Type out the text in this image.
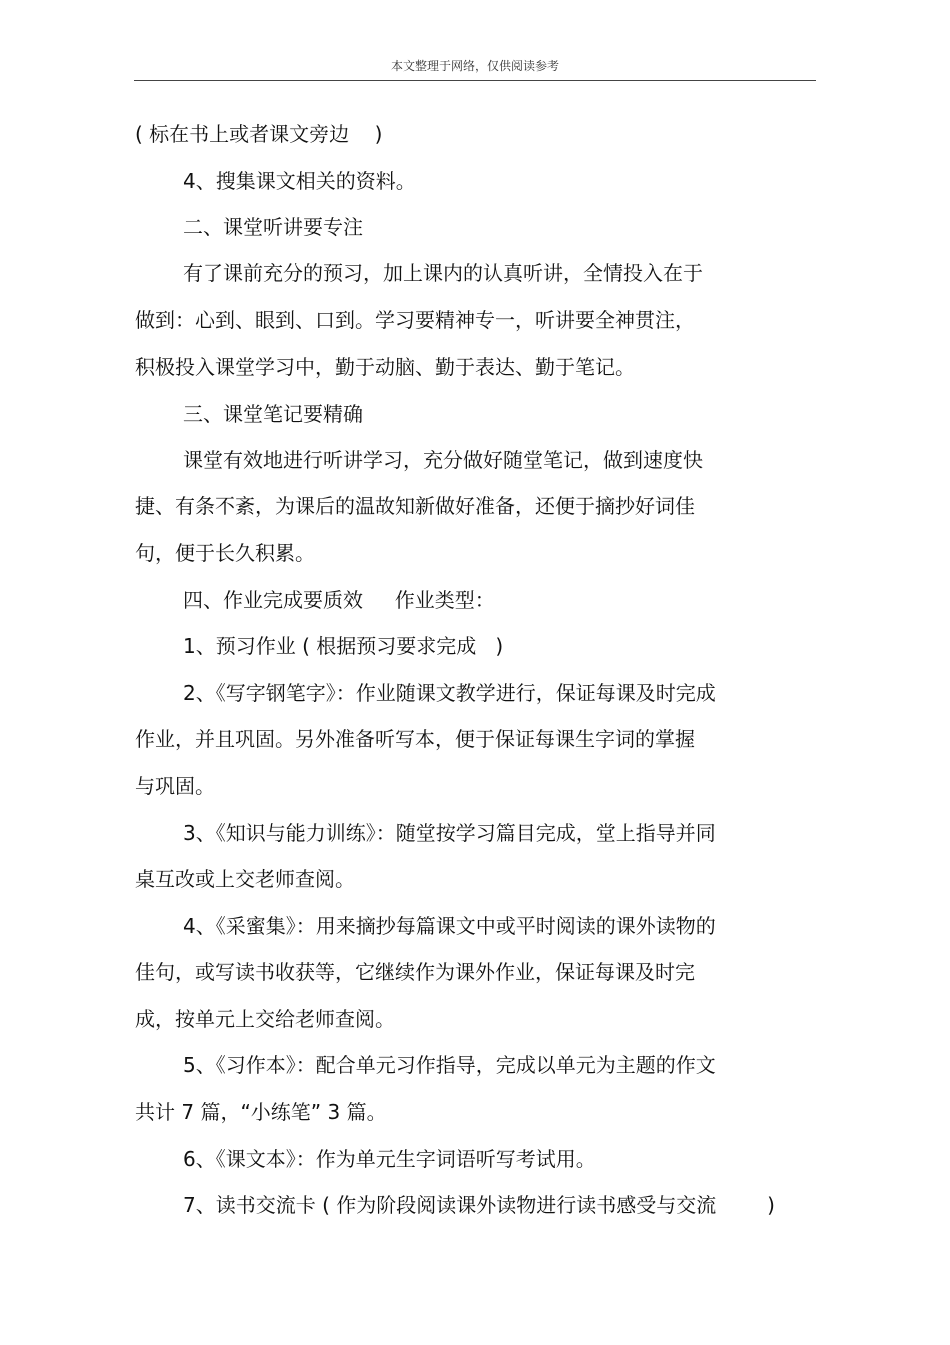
本文整理于网络，仅供阅读参考
( 标在书上或者课文旁边    )
4、搜集课文相关的资料。
二、课堂听讲要专注
有了课前充分的预习，加上课内的认真听讲，全情投入在于
做到：心到、眼到、口到。学习要精神专一，听讲要全神贯注，
积极投入课堂学习中，勤于动脑、勤于表达、勤于笔记。
三、课堂笔记要精确
课堂有效地进行听讲学习，充分做好随堂笔记，做到速度快
捷、有条不紊，为课后的温故知新做好准备，还便于摘抄好词佳
句，便于长久积累。
四、作业完成要质效     作业类型：
1、预习作业 ( 根据预习要求完成   )
2、《写字钢笔字》：作业随课文教学进行，保证每课及时完成
作业，并且巩固。另外准备听写本，便于保证每课生字词的掌握
与巩固。
3、《知识与能力训练》：随堂按学习篇目完成，堂上指导并同
桌互改或上交老师查阅。
4、《采蜜集》：用来摘抄每篇课文中或平时阅读的课外读物的
佳句，或写读书收获等，它继续作为课外作业，保证每课及时完
成，按单元上交给老师查阅。
5、《习作本》：配合单元习作指导，完成以单元为主题的作文
共计 7 篇，“小练笔” 3 篇。
6、《课文本》：作为单元生字词语听写考试用。
7、读书交流卡 ( 作为阶段阅读课外读物进行读书感受与交流        )
